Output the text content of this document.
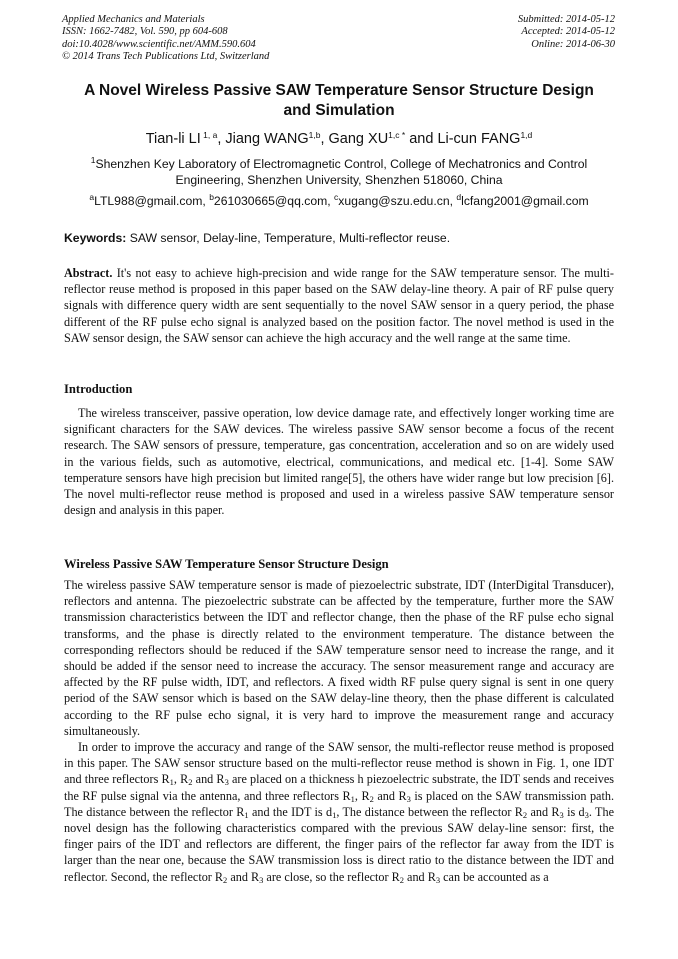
Applied Mechanics and Materials
ISSN: 1662-7482, Vol. 590, pp 604-608
doi:10.4028/www.scientific.net/AMM.590.604
© 2014 Trans Tech Publications Ltd, Switzerland
Submitted: 2014-05-12
Accepted: 2014-05-12
Online: 2014-06-30
A Novel Wireless Passive SAW Temperature Sensor Structure Design
and Simulation
Tian-li LI $^{1, a}$, Jiang WANG$^{1,b}$, Gang $XU^{1,c *}$ and Li-cun FANG$^{1,d}$
$^1$Shenzhen Key Laboratory of Electromagnetic Control, College of Mechatronics and Control
Engineering, Shenzhen University, Shenzhen 518060, China
$^a$LTL988@gmail.com, $^b$261030665@qq.com, $^c$xugang@szu.edu.cn, $^d$lcfang2001@gmail.com
Keywords: SAW sensor, Delay-line, Temperature, Multi-reflector reuse.

Abstract. It's not easy to achieve high-precision and wide range for the SAW temperature sensor. The multi-reflector reuse method is proposed in this paper based on the SAW delay-line theory. A pair of RF pulse query signals with difference query width are sent sequentially to the novel SAW sensor in a query period, the phase different of the RF pulse echo signal is analyzed based on the position factor. The novel method is used in the SAW sensor design, the SAW sensor can achieve the high accuracy and the well range at the same time.

Introduction

The wireless transceiver, passive operation, low device damage rate, and effectively longer working time are significant characters for the SAW devices. The wireless passive SAW sensor become a focus of the recent research. The SAW sensors of pressure, temperature, gas concentration, acceleration and so on are widely used in the various fields, such as automotive, electrical, communications, and medical etc. [1-4]. Some SAW temperature sensors have high precision but limited range[5], the others have wider range but low precision [6]. The novel multi-reflector reuse method is proposed and used in a wireless passive SAW temperature sensor design and analysis in this paper.

Wireless Passive SAW Temperature Sensor Structure Design

The wireless passive SAW temperature sensor is made of piezoelectric substrate, IDT (InterDigital Transducer), reflectors and antenna. The piezoelectric substrate can be affected by the temperature, further more the SAW transmission characteristics between the IDT and reflector change, then the phase of the RF pulse echo signal transforms, and the phase is directly related to the environment temperature. The distance between the corresponding reflectors should be reduced if the SAW temperature sensor need to increase the range, and it should be added if the sensor need to increase the accuracy. The sensor measurement range and accuracy are affected by the RF pulse width, IDT, and reflectors. A fixed width RF pulse query signal is sent in one query period of the SAW sensor which is based on the SAW delay-line theory, then the phase different is calculated according to the RF pulse echo signal, it is very hard to improve the measurement range and accuracy simultaneously.

In order to improve the accuracy and range of the SAW sensor, the multi-reflector reuse method is proposed in this paper. The SAW sensor structure based on the multi-reflector reuse method is shown in Fig. 1, one IDT and three reflectors $R_1$, $R_2$ and $R_3$ are placed on a thickness h piezoelectric substrate, the IDT sends and receives the RF pulse signal via the antenna, and three reflectors $R_1$, $R_2$ and $R_3$ is placed on the SAW transmission path. The distance between the reflector $R_1$ and the IDT is $d_1$, The distance between the reflector $R_2$ and $R_3$ is $d_3$. The novel design has the following characteristics compared with the previous SAW delay-line sensor: first, the finger pairs of the IDT and reflectors are different, the finger pairs of the reflector far away from the IDT is larger than the near one, because the SAW transmission loss is direct ratio to the distance between the IDT and reflector. Second, the reflector $R_2$ and $R_3$ are close, so the reflector $R_2$ and $R_3$ can be accounted as a
